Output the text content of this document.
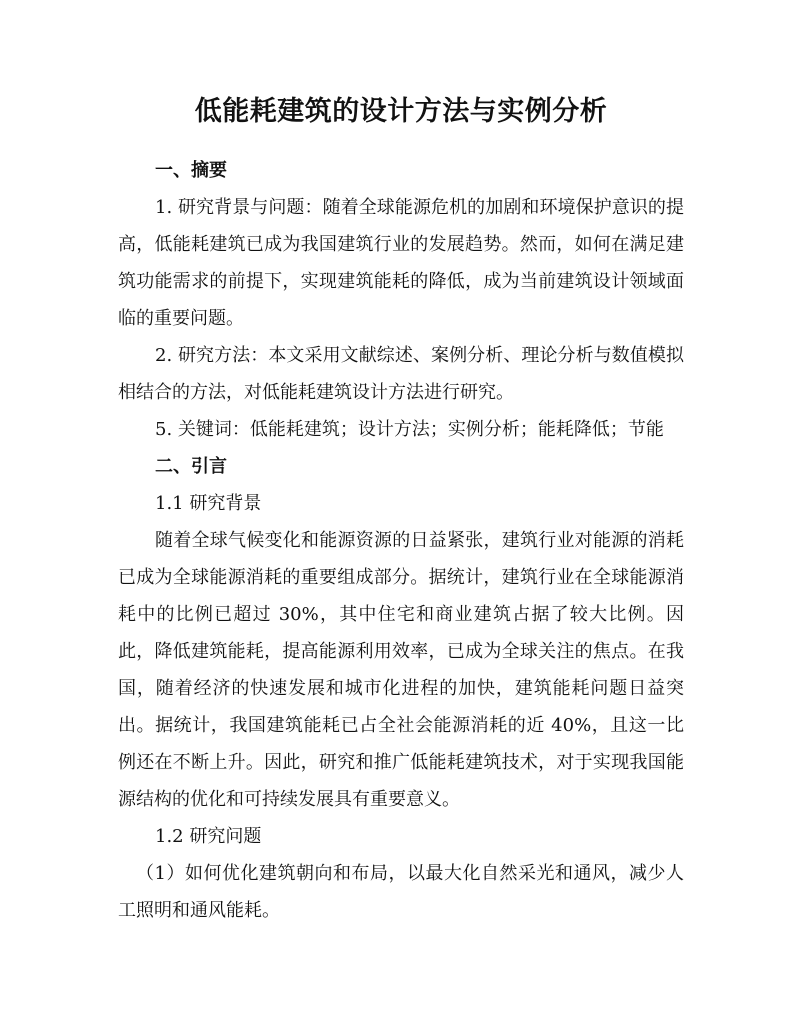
低能耗建筑的设计方法与实例分析

一、摘要

1. 研究背景与问题：随着全球能源危机的加剧和环境保护意识的提高，低能耗建筑已成为我国建筑行业的发展趋势。然而，如何在满足建筑功能需求的前提下，实现建筑能耗的降低，成为当前建筑设计领域面临的重要问题。

2. 研究方法：本文采用文献综述、案例分析、理论分析与数值模拟相结合的方法，对低能耗建筑设计方法进行研究。

5. 关键词：低能耗建筑；设计方法；实例分析；能耗降低；节能

二、引言

1.1 研究背景

随着全球气候变化和能源资源的日益紧张，建筑行业对能源的消耗已成为全球能源消耗的重要组成部分。据统计，建筑行业在全球能源消耗中的比例已超过 30%，其中住宅和商业建筑占据了较大比例。因此，降低建筑能耗，提高能源利用效率，已成为全球关注的焦点。在我国，随着经济的快速发展和城市化进程的加快，建筑能耗问题日益突出。据统计，我国建筑能耗已占全社会能源消耗的近 40%，且这一比例还在不断上升。因此，研究和推广低能耗建筑技术，对于实现我国能源结构的优化和可持续发展具有重要意义。

1.2 研究问题

（1）如何优化建筑朝向和布局，以最大化自然采光和通风，减少人工照明和通风能耗。
